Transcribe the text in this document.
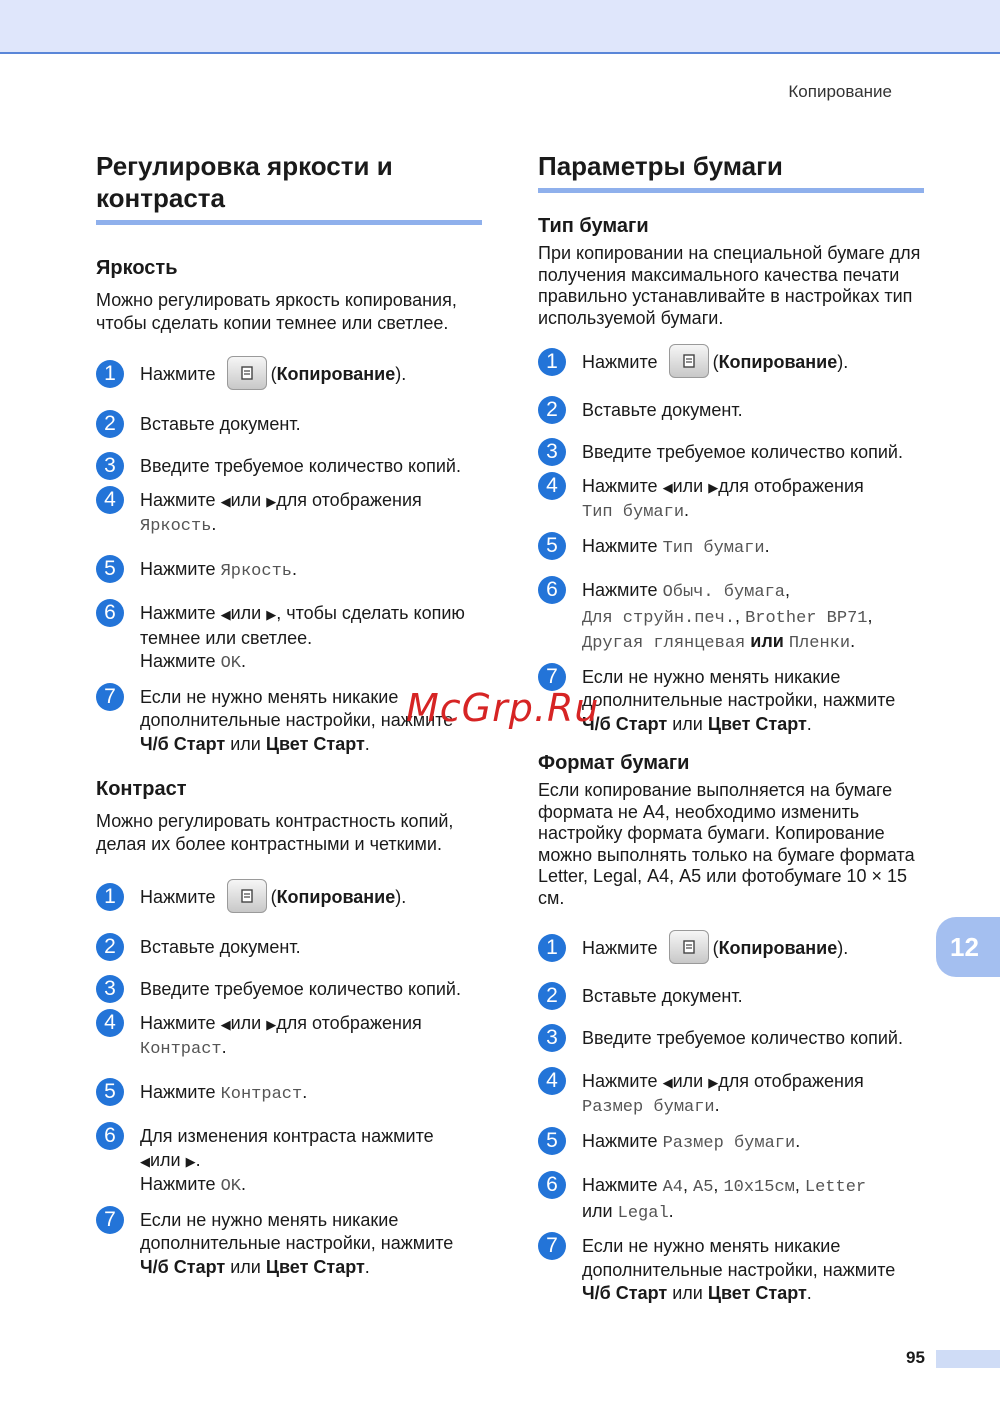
Копирование
Регулировка яркости и контраста
Яркость

Можно регулировать яркость копирования, чтобы сделать копии темнее или светлее.

1	Нажмите	(Копирование).
2	Вставьте документ.
3	Введите требуемое количество копий.
4	Нажмите ◀или ▶для отображения
Яркость.
5	Нажмите Яркость.
6	Нажмите ◀или ▶, чтобы сделать копию темнее или светлее.
Нажмите OK.
7	Если не нужно менять никакие дополнительные настройки, нажмите
Ч/б Старт или Цвет Старт.
Контраст

Можно регулировать контрастность копий, делая их более контрастными и четкими.

1	Нажмите	(Копирование).
2	Вставьте документ.
3	Введите требуемое количество копий.
4	Нажмите ◀или ▶для отображения
Контраст.
5	Нажмите Контраст.
6	Для изменения контраста нажмите
◀или ▶.
Нажмите OK.
7	Если не нужно менять никакие дополнительные настройки, нажмите
Ч/б Старт или Цвет Старт.
Параметры бумаги
Тип бумаги

При копировании на специальной бумаге для получения максимального качества печати правильно устанавливайте в настройках тип используемой бумаги.

1	Нажмите	(Копирование).
2	Вставьте документ.
3	Введите требуемое количество копий.
4	Нажмите ◀или ▶для отображения
Тип бумаги.
5	Нажмите Тип бумаги.
6	Нажмите Обыч. бумага,
Для струйн.печ., Brother BP71,
Другая глянцевая или Пленки.
7	Если не нужно менять никакие дополнительные настройки, нажмите
Ч/б Старт или Цвет Старт.
Формат бумаги

Если копирование выполняется на бумаге формата не А4, необходимо изменить настройку формата бумаги. Копирование можно выполнять только на бумаге формата Letter, Legal, А4, А5 или фотобумаге 10 × 15 см.

1	Нажмите	(Копирование).
2	Вставьте документ.
3	Введите требуемое количество копий.
4	Нажмите ◀или ▶для отображения
Размер бумаги.
5	Нажмите Размер бумаги.
6	Нажмите A4, A5, 10x15см, Letter
или Legal.
7	Если не нужно менять никакие дополнительные настройки, нажмите
Ч/б Старт или Цвет Старт.
McGrp.Ru
12
95
